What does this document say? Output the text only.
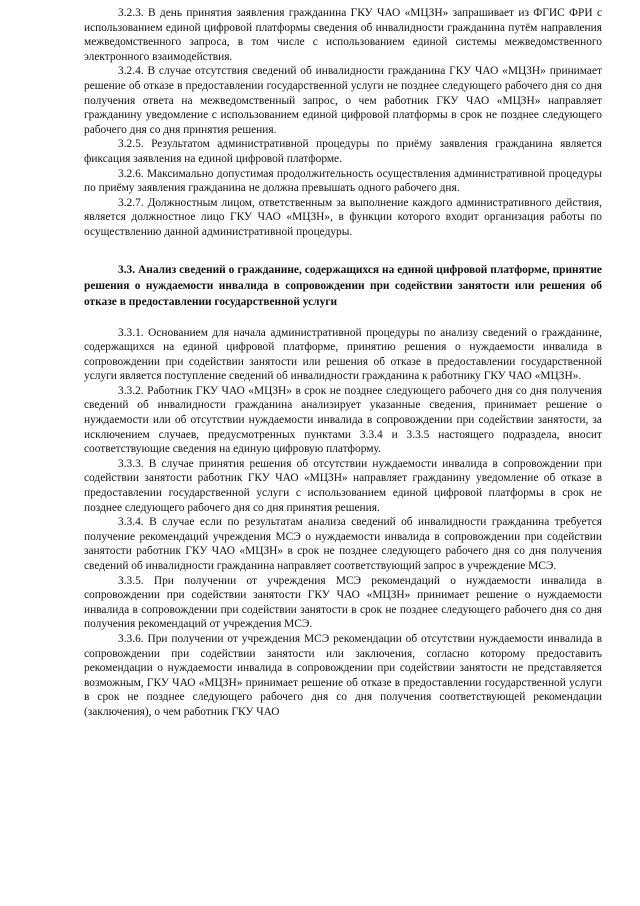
3.2.3. В день принятия заявления гражданина ГКУ ЧАО «МЦЗН» запрашивает из ФГИС ФРИ с использованием единой цифровой платформы сведения об инвалидности гражданина путём направления межведомственного запроса, в том числе с использованием единой системы межведомственного электронного взаимодействия.

3.2.4. В случае отсутствия сведений об инвалидности гражданина ГКУ ЧАО «МЦЗН» принимает решение об отказе в предоставлении государственной услуги не позднее следующего рабочего дня со дня получения ответа на межведомственный запрос, о чем работник ГКУ ЧАО «МЦЗН» направляет гражданину уведомление с использованием единой цифровой платформы в срок не позднее следующего рабочего дня со дня принятия решения.

3.2.5. Результатом административной процедуры по приёму заявления гражданина является фиксация заявления на единой цифровой платформе.

3.2.6. Максимально допустимая продолжительность осуществления административной процедуры по приёму заявления гражданина не должна превышать одного рабочего дня.

3.2.7. Должностным лицом, ответственным за выполнение каждого административного действия, является должностное лицо ГКУ ЧАО «МЦЗН», в функции которого входит организация работы по осуществлению данной административной процедуры.

3.3. Анализ сведений о гражданине, содержащихся на единой цифровой платформе, принятие решения о нуждаемости инвалида в сопровождении при содействии занятости или решения об отказе в предоставлении государственной услуги

3.3.1. Основанием для начала административной процедуры по анализу сведений о гражданине, содержащихся на единой цифровой платформе, принятию решения о нуждаемости инвалида в сопровождении при содействии занятости или решения об отказе в предоставлении государственной услуги является поступление сведений об инвалидности гражданина к работнику ГКУ ЧАО «МЦЗН».

3.3.2. Работник ГКУ ЧАО «МЦЗН» в срок не позднее следующего рабочего дня со дня получения сведений об инвалидности гражданина анализирует указанные сведения, принимает решение о нуждаемости или об отсутствии нуждаемости инвалида в сопровождении при содействии занятости, за исключением случаев, предусмотренных пунктами 3.3.4 и 3.3.5 настоящего подраздела, вносит соответствующие сведения на единую цифровую платформу.

3.3.3. В случае принятия решения об отсутствии нуждаемости инвалида в сопровождении при содействии занятости работник ГКУ ЧАО «МЦЗН» направляет гражданину уведомление об отказе в предоставлении государственной услуги с использованием единой цифровой платформы в срок не позднее следующего рабочего дня со дня принятия решения.

3.3.4. В случае если по результатам анализа сведений об инвалидности гражданина требуется получение рекомендаций учреждения МСЭ о нуждаемости инвалида в сопровождении при содействии занятости работник ГКУ ЧАО «МЦЗН» в срок не позднее следующего рабочего дня со дня получения сведений об инвалидности гражданина направляет соответствующий запрос в учреждение МСЭ.

3.3.5. При получении от учреждения МСЭ рекомендаций о нуждаемости инвалида в сопровождении при содействии занятости ГКУ ЧАО «МЦЗН» принимает решение о нуждаемости инвалида в сопровождении при содействии занятости в срок не позднее следующего рабочего дня со дня получения рекомендаций от учреждения МСЭ.

3.3.6. При получении от учреждения МСЭ рекомендации об отсутствии нуждаемости инвалида в сопровождении при содействии занятости или заключения, согласно которому предоставить рекомендации о нуждаемости инвалида в сопровождении при содействии занятости не представляется возможным, ГКУ ЧАО «МЦЗН» принимает решение об отказе в предоставлении государственной услуги в срок не позднее следующего рабочего дня со дня получения соответствующей рекомендации (заключения), о чем работник ГКУ ЧАО
